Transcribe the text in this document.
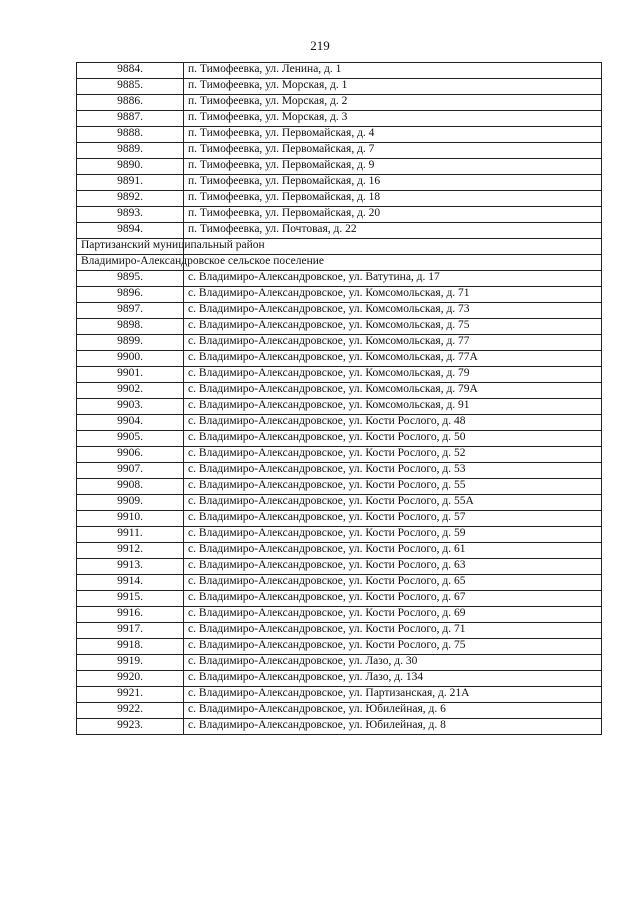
219
9884.	п. Тимофеевка, ул. Ленина, д. 1
9885.	п. Тимофеевка, ул. Морская, д. 1
9886.	п. Тимофеевка, ул. Морская, д. 2
9887.	п. Тимофеевка, ул. Морская, д. 3
9888.	п. Тимофеевка, ул. Первомайская, д. 4
9889.	п. Тимофеевка, ул. Первомайская, д. 7
9890.	п. Тимофеевка, ул. Первомайская, д. 9
9891.	п. Тимофеевка, ул. Первомайская, д. 16
9892.	п. Тимофеевка, ул. Первомайская, д. 18
9893.	п. Тимофеевка, ул. Первомайская, д. 20
9894.	п. Тимофеевка, ул. Почтовая, д. 22
Партизанский муниципальный район	
Владимиро-Александровское сельское поселение	
9895.	с. Владимиро-Александровское, ул. Ватутина, д. 17
9896.	с. Владимиро-Александровское, ул. Комсомольская, д. 71
9897.	с. Владимиро-Александровское, ул. Комсомольская, д. 73
9898.	с. Владимиро-Александровское, ул. Комсомольская, д. 75
9899.	с. Владимиро-Александровское, ул. Комсомольская, д. 77
9900.	с. Владимиро-Александровское, ул. Комсомольская, д. 77А
9901.	с. Владимиро-Александровское, ул. Комсомольская, д. 79
9902.	с. Владимиро-Александровское, ул. Комсомольская, д. 79А
9903.	с. Владимиро-Александровское, ул. Комсомольская, д. 91
9904.	с. Владимиро-Александровское, ул. Кости Рослого, д. 48
9905.	с. Владимиро-Александровское, ул. Кости Рослого, д. 50
9906.	с. Владимиро-Александровское, ул. Кости Рослого, д. 52
9907.	с. Владимиро-Александровское, ул. Кости Рослого, д. 53
9908.	с. Владимиро-Александровское, ул. Кости Рослого, д. 55
9909.	с. Владимиро-Александровское, ул. Кости Рослого, д. 55А
9910.	с. Владимиро-Александровское, ул. Кости Рослого, д. 57
9911.	с. Владимиро-Александровское, ул. Кости Рослого, д. 59
9912.	с. Владимиро-Александровское, ул. Кости Рослого, д. 61
9913.	с. Владимиро-Александровское, ул. Кости Рослого, д. 63
9914.	с. Владимиро-Александровское, ул. Кости Рослого, д. 65
9915.	с. Владимиро-Александровское, ул. Кости Рослого, д. 67
9916.	с. Владимиро-Александровское, ул. Кости Рослого, д. 69
9917.	с. Владимиро-Александровское, ул. Кости Рослого, д. 71
9918.	с. Владимиро-Александровское, ул. Кости Рослого, д. 75
9919.	с. Владимиро-Александровское, ул. Лазо, д. 30
9920.	с. Владимиро-Александровское, ул. Лазо, д. 134
9921.	с. Владимиро-Александровское, ул. Партизанская, д. 21А
9922.	с. Владимиро-Александровское, ул. Юбилейная, д. 6
9923.	с. Владимиро-Александровское, ул. Юбилейная, д. 8
